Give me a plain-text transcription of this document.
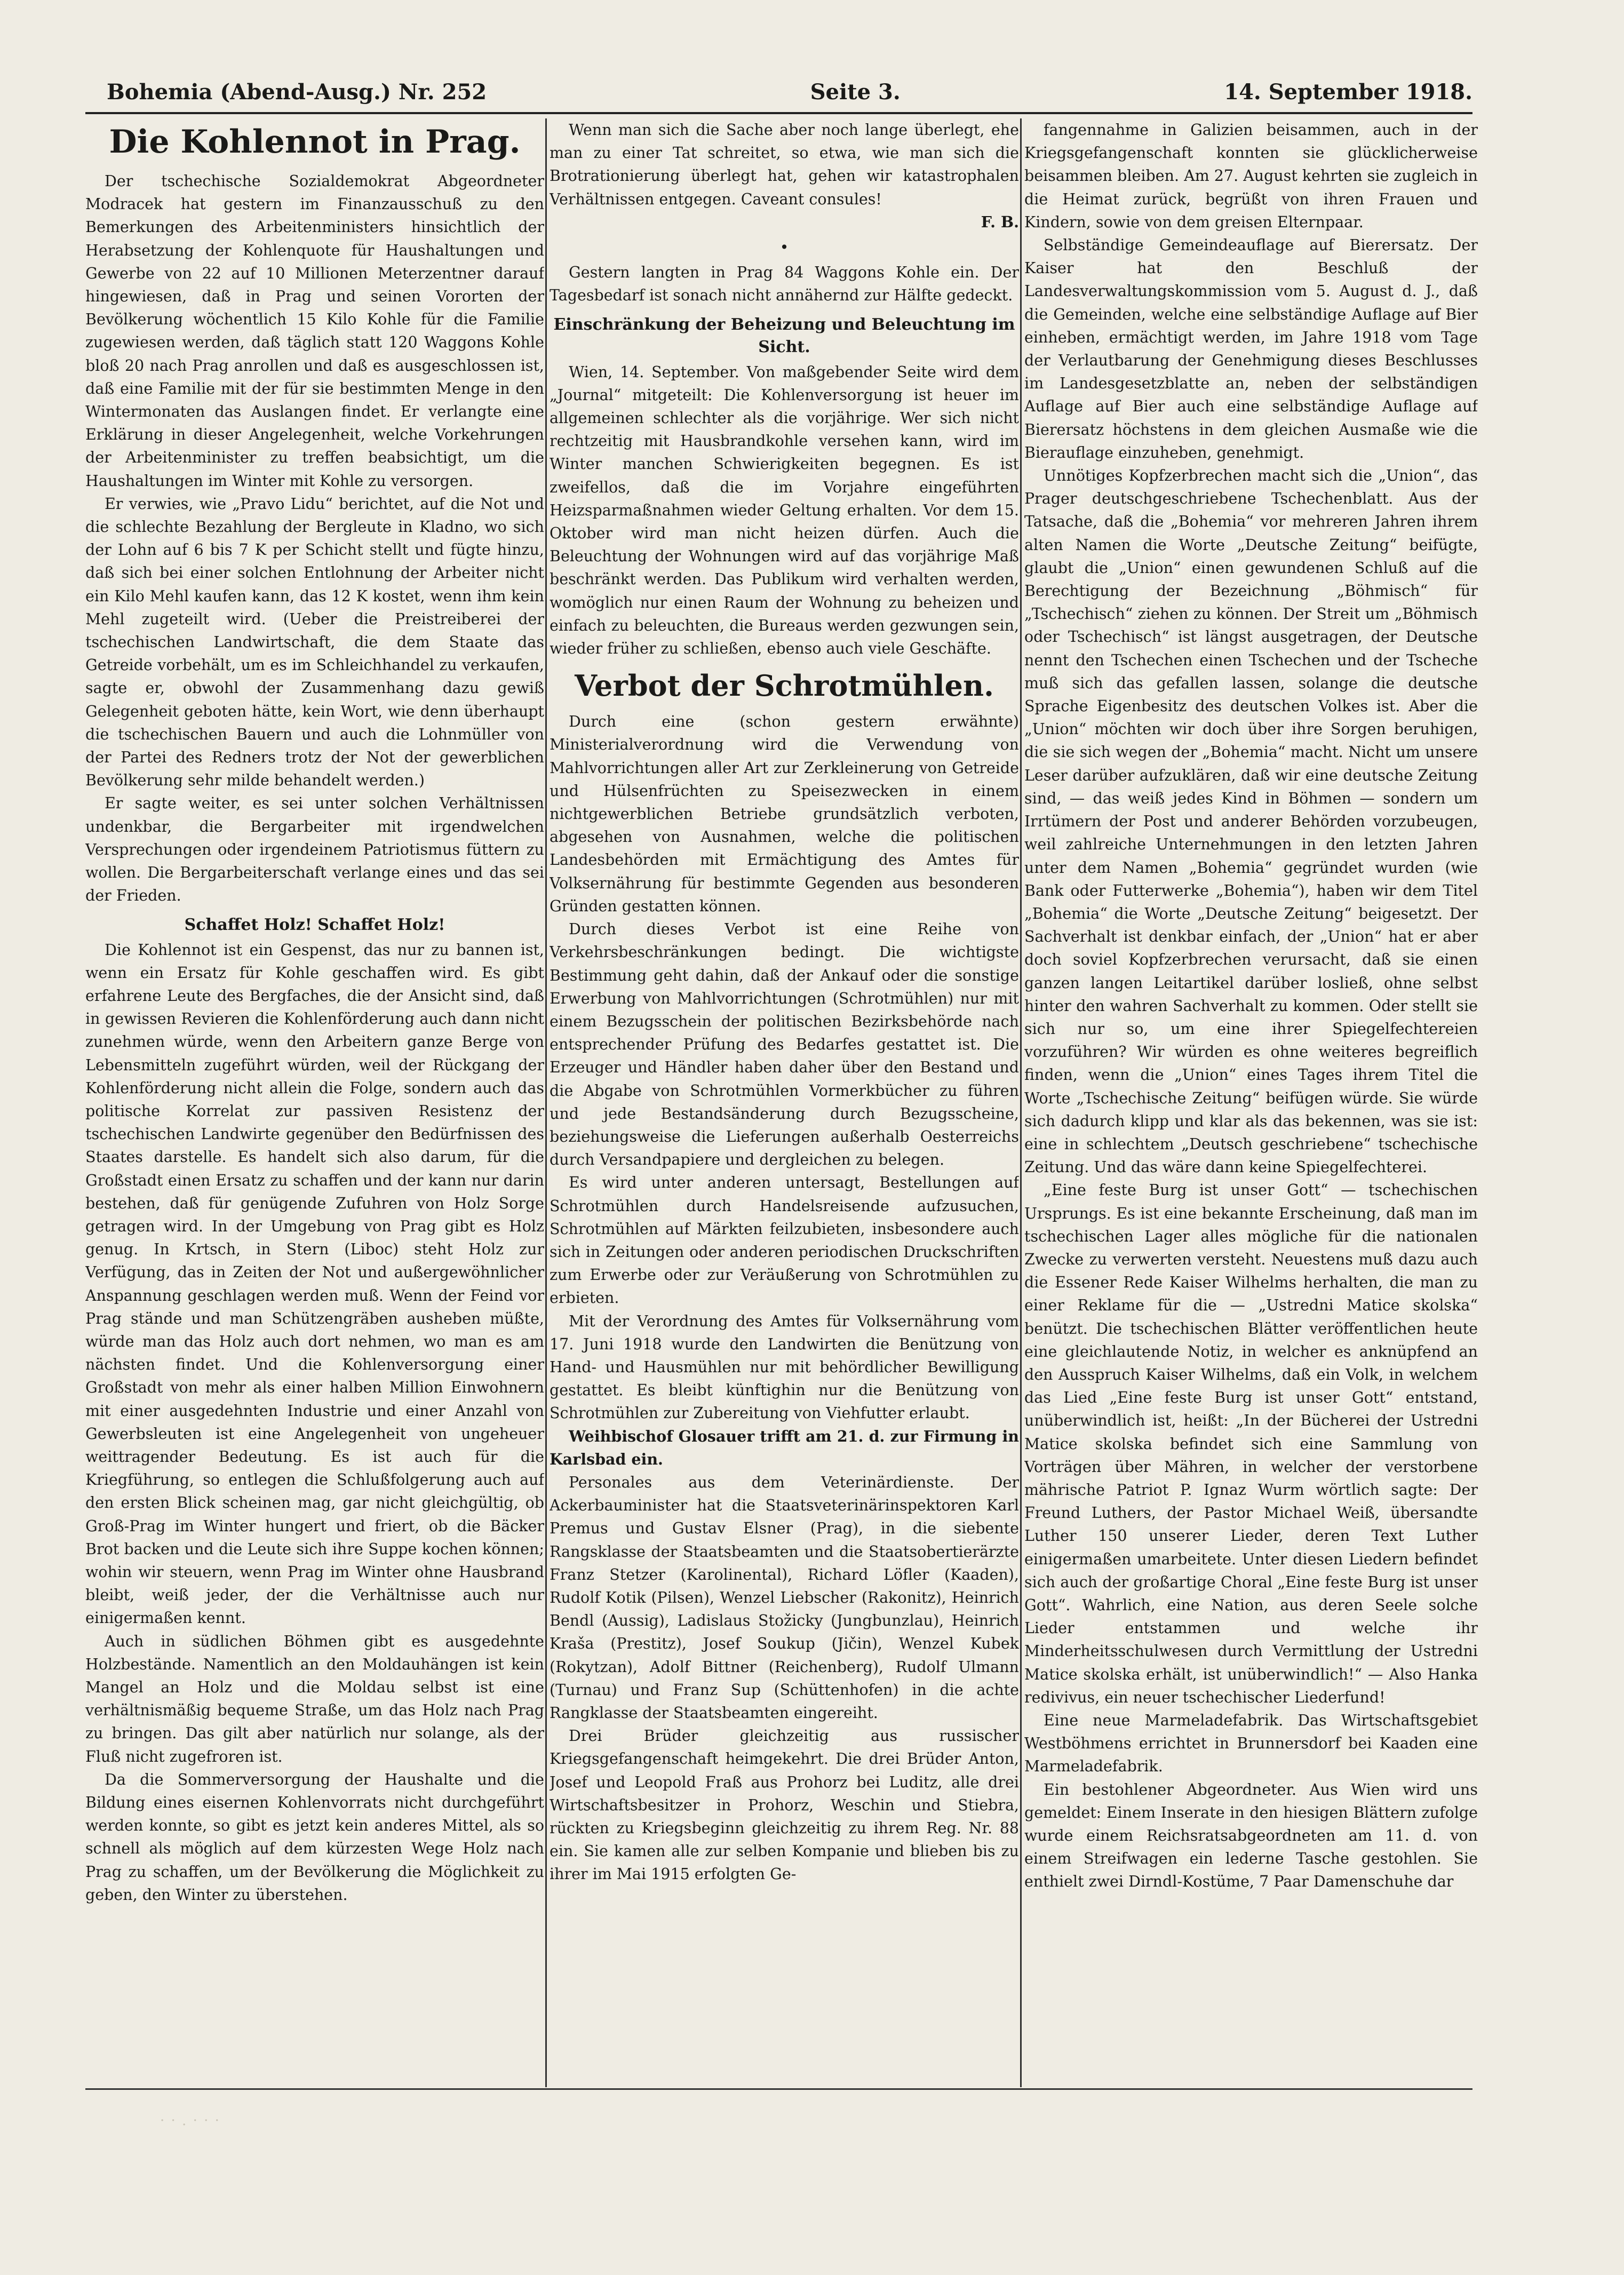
Bohemia (Abend-Ausg.) Nr. 252	Seite 3.	14. September 1918.
Die Kohlennot in Prag.

Der tschechische Sozialdemokrat Abgeordneter Modracek hat gestern im Finanzausschuß zu den Bemerkungen des Arbeitenministers hinsichtlich der Herabsetzung der Kohlenquote für Haushaltungen und Gewerbe von 22 auf 10 Millionen Meterzentner darauf hingewiesen, daß in Prag und seinen Vororten der Bevölkerung wöchentlich 15 Kilo Kohle für die Familie zugewiesen werden, daß täglich statt 120 Waggons Kohle bloß 20 nach Prag anrollen und daß es ausgeschlossen ist, daß eine Familie mit der für sie bestimmten Menge in den Wintermonaten das Auslangen findet. Er verlangte eine Erklärung in dieser Angelegenheit, welche Vorkehrungen der Arbeitenminister zu treffen beabsichtigt, um die Haushaltungen im Winter mit Kohle zu versorgen.

Er verwies, wie „Pravo Lidu“ berichtet, auf die Not und die schlechte Bezahlung der Bergleute in Kladno, wo sich der Lohn auf 6 bis 7 K per Schicht stellt und fügte hinzu, daß sich bei einer solchen Entlohnung der Arbeiter nicht ein Kilo Mehl kaufen kann, das 12 K kostet, wenn ihm kein Mehl zugeteilt wird. (Ueber die Preistreiberei der tschechischen Landwirtschaft, die dem Staate das Getreide vorbehält, um es im Schleichhandel zu verkaufen, sagte er, obwohl der Zusammenhang dazu gewiß Gelegenheit geboten hätte, kein Wort, wie denn überhaupt die tschechischen Bauern und auch die Lohnmüller von der Partei des Redners trotz der Not der gewerblichen Bevölkerung sehr milde behandelt werden.)

Er sagte weiter, es sei unter solchen Verhältnissen undenkbar, die Bergarbeiter mit irgendwelchen Versprechungen oder irgendeinem Patriotismus füttern zu wollen. Die Bergarbeiterschaft verlange eines und das sei der Frieden.

Schaffet Holz! Schaffet Holz!

Die Kohlennot ist ein Gespenst, das nur zu bannen ist, wenn ein Ersatz für Kohle geschaffen wird. Es gibt erfahrene Leute des Bergfaches, die der Ansicht sind, daß in gewissen Revieren die Kohlenförderung auch dann nicht zunehmen würde, wenn den Arbeitern ganze Berge von Lebensmitteln zugeführt würden, weil der Rückgang der Kohlenförderung nicht allein die Folge, sondern auch das politische Korrelat zur passiven Resistenz der tschechischen Landwirte gegenüber den Bedürfnissen des Staates darstelle. Es handelt sich also darum, für die Großstadt einen Ersatz zu schaffen und der kann nur darin bestehen, daß für genügende Zufuhren von Holz Sorge getragen wird. In der Umgebung von Prag gibt es Holz genug. In Krtsch, in Stern (Liboc) steht Holz zur Verfügung, das in Zeiten der Not und außergewöhnlicher Anspannung geschlagen werden muß. Wenn der Feind vor Prag stände und man Schützengräben ausheben müßte, würde man das Holz auch dort nehmen, wo man es am nächsten findet. Und die Kohlenversorgung einer Großstadt von mehr als einer halben Million Einwohnern mit einer ausgedehnten Industrie und einer Anzahl von Gewerbsleuten ist eine Angelegenheit von ungeheuer weittragender Bedeutung. Es ist auch für die Kriegführung, so entlegen die Schlußfolgerung auch auf den ersten Blick scheinen mag, gar nicht gleichgültig, ob Groß-Prag im Winter hungert und friert, ob die Bäcker Brot backen und die Leute sich ihre Suppe kochen können; wohin wir steuern, wenn Prag im Winter ohne Hausbrand bleibt, weiß jeder, der die Verhältnisse auch nur einigermaßen kennt.

Auch in südlichen Böhmen gibt es ausgedehnte Holzbestände. Namentlich an den Moldauhängen ist kein Mangel an Holz und die Moldau selbst ist eine verhältnismäßig bequeme Straße, um das Holz nach Prag zu bringen. Das gilt aber natürlich nur solange, als der Fluß nicht zugefroren ist.

Da die Sommerversorgung der Haushalte und die Bildung eines eisernen Kohlenvorrats nicht durchgeführt werden konnte, so gibt es jetzt kein anderes Mittel, als so schnell als möglich auf dem kürzesten Wege Holz nach Prag zu schaffen, um der Bevölkerung die Möglichkeit zu geben, den Winter zu überstehen.

Wenn man sich die Sache aber noch lange überlegt, ehe man zu einer Tat schreitet, so etwa, wie man sich die Brotrationierung überlegt hat, gehen wir katastrophalen Verhältnissen entgegen. Caveant consules!

F. B.
•

Gestern langten in Prag 84 Waggons Kohle ein. Der Tagesbedarf ist sonach nicht annähernd zur Hälfte gedeckt.

Einschränkung der Beheizung und Beleuchtung im Sicht.

Wien, 14. September. Von maßgebender Seite wird dem „Journal“ mitgeteilt: Die Kohlenversorgung ist heuer im allgemeinen schlechter als die vorjährige. Wer sich nicht rechtzeitig mit Hausbrandkohle versehen kann, wird im Winter manchen Schwierigkeiten begegnen. Es ist zweifellos, daß die im Vorjahre eingeführten Heizsparmaßnahmen wieder Geltung erhalten. Vor dem 15. Oktober wird man nicht heizen dürfen. Auch die Beleuchtung der Wohnungen wird auf das vorjährige Maß beschränkt werden. Das Publikum wird verhalten werden, womöglich nur einen Raum der Wohnung zu beheizen und einfach zu beleuchten, die Bureaus werden gezwungen sein, wieder früher zu schließen, ebenso auch viele Geschäfte.

Verbot der Schrotmühlen.

Durch eine (schon gestern erwähnte) Ministerialverordnung wird die Verwendung von Mahlvorrichtungen aller Art zur Zerkleinerung von Getreide und Hülsenfrüchten zu Speisezwecken in einem nichtgewerblichen Betriebe grundsätzlich verboten, abgesehen von Ausnahmen, welche die politischen Landesbehörden mit Ermächtigung des Amtes für Volksernährung für bestimmte Gegenden aus besonderen Gründen gestatten können.

Durch dieses Verbot ist eine Reihe von Verkehrsbeschränkungen bedingt. Die wichtigste Bestimmung geht dahin, daß der Ankauf oder die sonstige Erwerbung von Mahlvorrichtungen (Schrotmühlen) nur mit einem Bezugsschein der politischen Bezirksbehörde nach entsprechender Prüfung des Bedarfes gestattet ist. Die Erzeuger und Händler haben daher über den Bestand und die Abgabe von Schrotmühlen Vormerkbücher zu führen und jede Bestandsänderung durch Bezugsscheine, beziehungsweise die Lieferungen außerhalb Oesterreichs durch Versandpapiere und dergleichen zu belegen.

Es wird unter anderen untersagt, Bestellungen auf Schrotmühlen durch Handelsreisende aufzusuchen, Schrotmühlen auf Märkten feilzubieten, insbesondere auch sich in Zeitungen oder anderen periodischen Druckschriften zum Erwerbe oder zur Veräußerung von Schrotmühlen zu erbieten.

Mit der Verordnung des Amtes für Volksernährung vom 17. Juni 1918 wurde den Landwirten die Benützung von Hand- und Hausmühlen nur mit behördlicher Bewilligung gestattet. Es bleibt künftighin nur die Benützung von Schrotmühlen zur Zubereitung von Viehfutter erlaubt.

Weihbischof Glosauer trifft am 21. d. zur Firmung in Karlsbad ein.

Personales aus dem Veterinärdienste. Der Ackerbauminister hat die Staatsveterinärinspektoren Karl Premus und Gustav Elsner (Prag), in die siebente Rangsklasse der Staatsbeamten und die Staatsobertierärzte Franz Stetzer (Karolinental), Richard Löfler (Kaaden), Rudolf Kotik (Pilsen), Wenzel Liebscher (Rakonitz), Heinrich Bendl (Aussig), Ladislaus Stožicky (Jungbunzlau), Heinrich Kraša (Prestitz), Josef Soukup (Jičin), Wenzel Kubek (Rokytzan), Adolf Bittner (Reichenberg), Rudolf Ulmann (Turnau) und Franz Sup (Schüttenhofen) in die achte Rangklasse der Staatsbeamten eingereiht.

Drei Brüder gleichzeitig aus russischer Kriegsgefangenschaft heimgekehrt. Die drei Brüder Anton, Josef und Leopold Fraß aus Prohorz bei Luditz, alle drei Wirtschaftsbesitzer in Prohorz, Weschin und Stiebra, rückten zu Kriegsbeginn gleichzeitig zu ihrem Reg. Nr. 88 ein. Sie kamen alle zur selben Kompanie und blieben bis zu ihrer im Mai 1915 erfolgten Ge-

fangennahme in Galizien beisammen, auch in der Kriegsgefangenschaft konnten sie glücklicherweise beisammen bleiben. Am 27. August kehrten sie zugleich in die Heimat zurück, begrüßt von ihren Frauen und Kindern, sowie von dem greisen Elternpaar.

Selbständige Gemeindeauflage auf Bierersatz. Der Kaiser hat den Beschluß der Landesverwaltungskommission vom 5. August d. J., daß die Gemeinden, welche eine selbständige Auflage auf Bier einheben, ermächtigt werden, im Jahre 1918 vom Tage der Verlautbarung der Genehmigung dieses Beschlusses im Landesgesetzblatte an, neben der selbständigen Auflage auf Bier auch eine selbständige Auflage auf Bierersatz höchstens in dem gleichen Ausmaße wie die Bierauflage einzuheben, genehmigt.

Unnötiges Kopfzerbrechen macht sich die „Union“, das Prager deutschgeschriebene Tschechenblatt. Aus der Tatsache, daß die „Bohemia“ vor mehreren Jahren ihrem alten Namen die Worte „Deutsche Zeitung“ beifügte, glaubt die „Union“ einen gewundenen Schluß auf die Berechtigung der Bezeichnung „Böhmisch“ für „Tschechisch“ ziehen zu können. Der Streit um „Böhmisch oder Tschechisch“ ist längst ausgetragen, der Deutsche nennt den Tschechen einen Tschechen und der Tscheche muß sich das gefallen lassen, solange die deutsche Sprache Eigenbesitz des deutschen Volkes ist. Aber die „Union“ möchten wir doch über ihre Sorgen beruhigen, die sie sich wegen der „Bohemia“ macht. Nicht um unsere Leser darüber aufzuklären, daß wir eine deutsche Zeitung sind, — das weiß jedes Kind in Böhmen — sondern um Irrtümern der Post und anderer Behörden vorzubeugen, weil zahlreiche Unternehmungen in den letzten Jahren unter dem Namen „Bohemia“ gegründet wurden (wie Bank oder Futterwerke „Bohemia“), haben wir dem Titel „Bohemia“ die Worte „Deutsche Zeitung“ beigesetzt. Der Sachverhalt ist denkbar einfach, der „Union“ hat er aber doch soviel Kopfzerbrechen verursacht, daß sie einen ganzen langen Leitartikel darüber losließ, ohne selbst hinter den wahren Sachverhalt zu kommen. Oder stellt sie sich nur so, um eine ihrer Spiegelfechtereien vorzuführen? Wir würden es ohne weiteres begreiflich finden, wenn die „Union“ eines Tages ihrem Titel die Worte „Tschechische Zeitung“ beifügen würde. Sie würde sich dadurch klipp und klar als das bekennen, was sie ist: eine in schlechtem „Deutsch geschriebene“ tschechische Zeitung. Und das wäre dann keine Spiegelfechterei.

„Eine feste Burg ist unser Gott“ — tschechischen Ursprungs. Es ist eine bekannte Erscheinung, daß man im tschechischen Lager alles mögliche für die nationalen Zwecke zu verwerten versteht. Neuestens muß dazu auch die Essener Rede Kaiser Wilhelms herhalten, die man zu einer Reklame für die — „Ustredni Matice skolska“ benützt. Die tschechischen Blätter veröffentlichen heute eine gleichlautende Notiz, in welcher es anknüpfend an den Ausspruch Kaiser Wilhelms, daß ein Volk, in welchem das Lied „Eine feste Burg ist unser Gott“ entstand, unüberwindlich ist, heißt: „In der Bücherei der Ustredni Matice skolska befindet sich eine Sammlung von Vorträgen über Mähren, in welcher der verstorbene mährische Patriot P. Ignaz Wurm wörtlich sagte: Der Freund Luthers, der Pastor Michael Weiß, übersandte Luther 150 unserer Lieder, deren Text Luther einigermaßen umarbeitete. Unter diesen Liedern befindet sich auch der großartige Choral „Eine feste Burg ist unser Gott“. Wahrlich, eine Nation, aus deren Seele solche Lieder entstammen und welche ihr Minderheitsschulwesen durch Vermittlung der Ustredni Matice skolska erhält, ist unüberwindlich!“ — Also Hanka redivivus, ein neuer tschechischer Liederfund!

Eine neue Marmeladefabrik. Das Wirtschaftsgebiet Westböhmens errichtet in Brunnersdorf bei Kaaden eine Marmeladefabrik.

Ein bestohlener Abgeordneter. Aus Wien wird uns gemeldet: Einem Inserate in den hiesigen Blättern zufolge wurde einem Reichsratsabgeordneten am 11. d. von einem Streifwagen ein lederne Tasche gestohlen. Sie enthielt zwei Dirndl-Kostüme, 7 Paar Damenschuhe dar

· · . · · ·
